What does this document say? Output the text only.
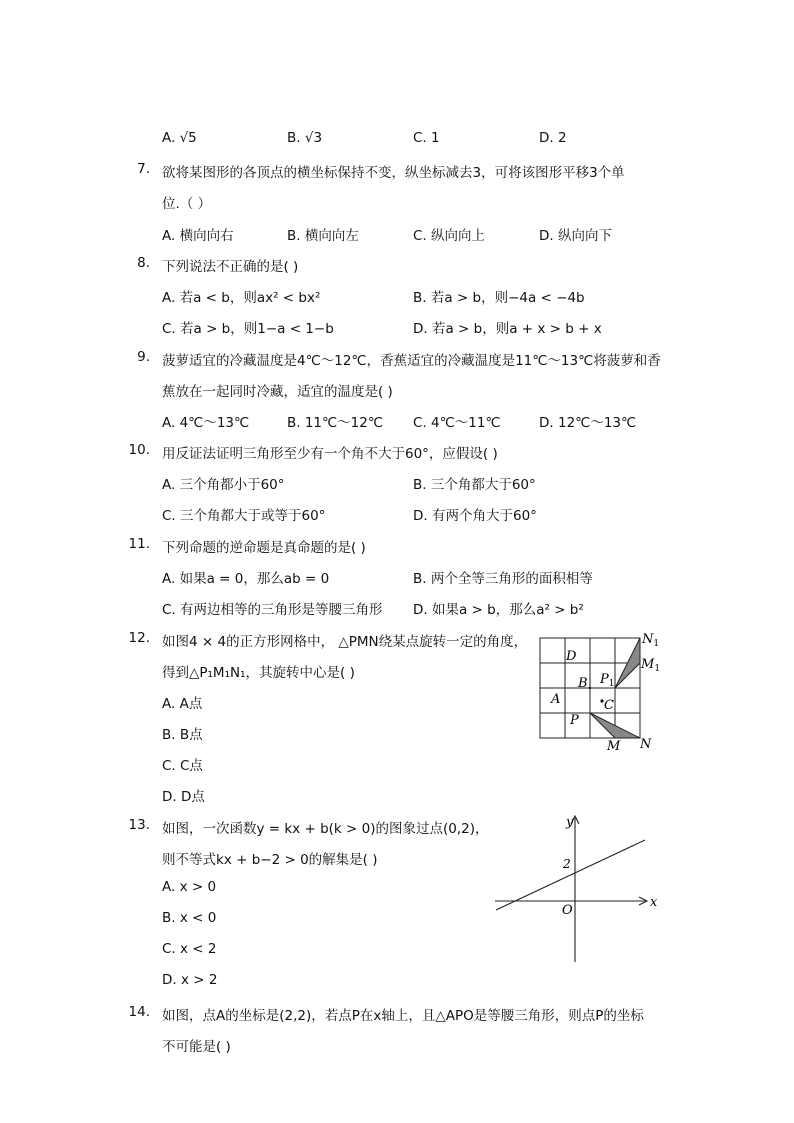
A. √5	B. √3	C. 1	D. 2
7. 欲将某图形的各顶点的横坐标保持不变，纵坐标减去3，可将该图形平移3个单
位.（ ）
A. 横向向右	B. 横向向左	C. 纵向向上	D. 纵向向下
8. 下列说法不正确的是( )
A. 若a < b，则ax² < bx²	B. 若a > b，则−4a < −4b
C. 若a > b，则1−a < 1−b	D. 若a > b，则a + x > b + x
9. 菠萝适宜的冷藏温度是4℃～12℃，香蕉适宜的冷藏温度是11℃～13℃将菠萝和香
蕉放在一起同时冷藏，适宜的温度是( )
A. 4℃～13℃	B. 11℃～12℃ C. 4℃～11℃	D. 12℃～13℃
10. 用反证法证明三角形至少有一个角不大于60°，应假设( )
A. 三个角都小于60°	B. 三个角都大于60°
C. 三个角都大于或等于60°	D. 有两个角大于60°
11. 下列命题的逆命题是真命题的是( )
A. 如果a = 0，那么ab = 0	B. 两个全等三角形的面积相等
C. 有两边相等的三角形是等腰三角形 D. 如果a > b，那么a² > b²
12. 如图4 × 4的正方形网格中， △PMN绕某点旋转一定的角度，
得到△P₁M₁N₁，其旋转中心是( )
A. A点
B. B点
C. C点
D. D点
D
B $P_1$
A	C
P
$N_1$
$M_1$
M N
13. 如图，一次函数y = kx + b(k > 0)的图象过点(0,2)，
则不等式kx + b−2 > 0的解集是( )
A. x > 0
B. x < 0
C. x < 2
D. x > 2
y
x
2
O
14. 如图，点A的坐标是(2,2)，若点P在x轴上，且△APO是等腰三角形，则点P的坐标
不可能是( )
